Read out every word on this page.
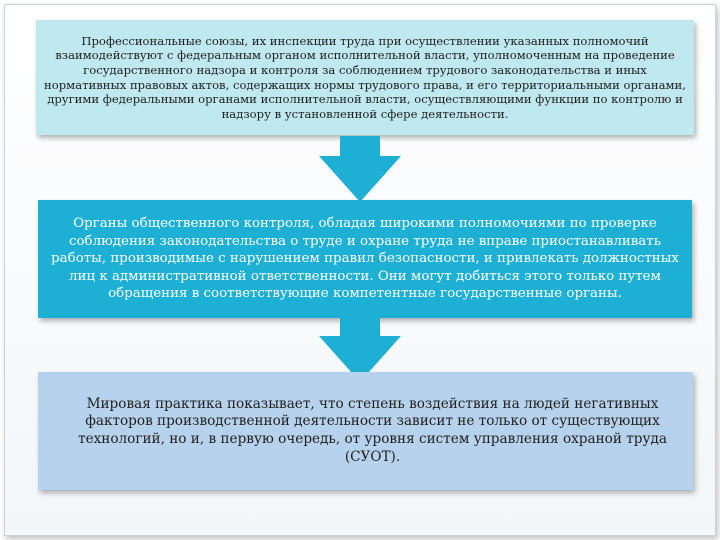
Профессиональные союзы, их инспекции труда при осуществлении указанных полномочий взаимодействуют с федеральным органом исполнительной власти, уполномоченным на проведение государственного надзора и контроля за соблюдением трудового законодательства и иных нормативных правовых актов, содержащих нормы трудового права, и его территориальными органами, другими федеральными органами исполнительной власти, осуществляющими функции по контролю и надзору в установленной сфере деятельности.
Органы общественного контроля, обладая широкими полномочиями по проверке соблюдения законодательства о труде и охране труда не вправе приостанавливать работы, производимые с нарушением правил безопасности, и привлекать должностных лиц к административной ответственности. Они могут добиться этого только путем обращения в соответствующие компетентные государственные органы.
Мировая практика показывает, что степень воздействия на людей негативных факторов производственной деятельности зависит не только от существующих технологий, но и, в первую очередь, от уровня систем управления охраной труда (СУОТ).
